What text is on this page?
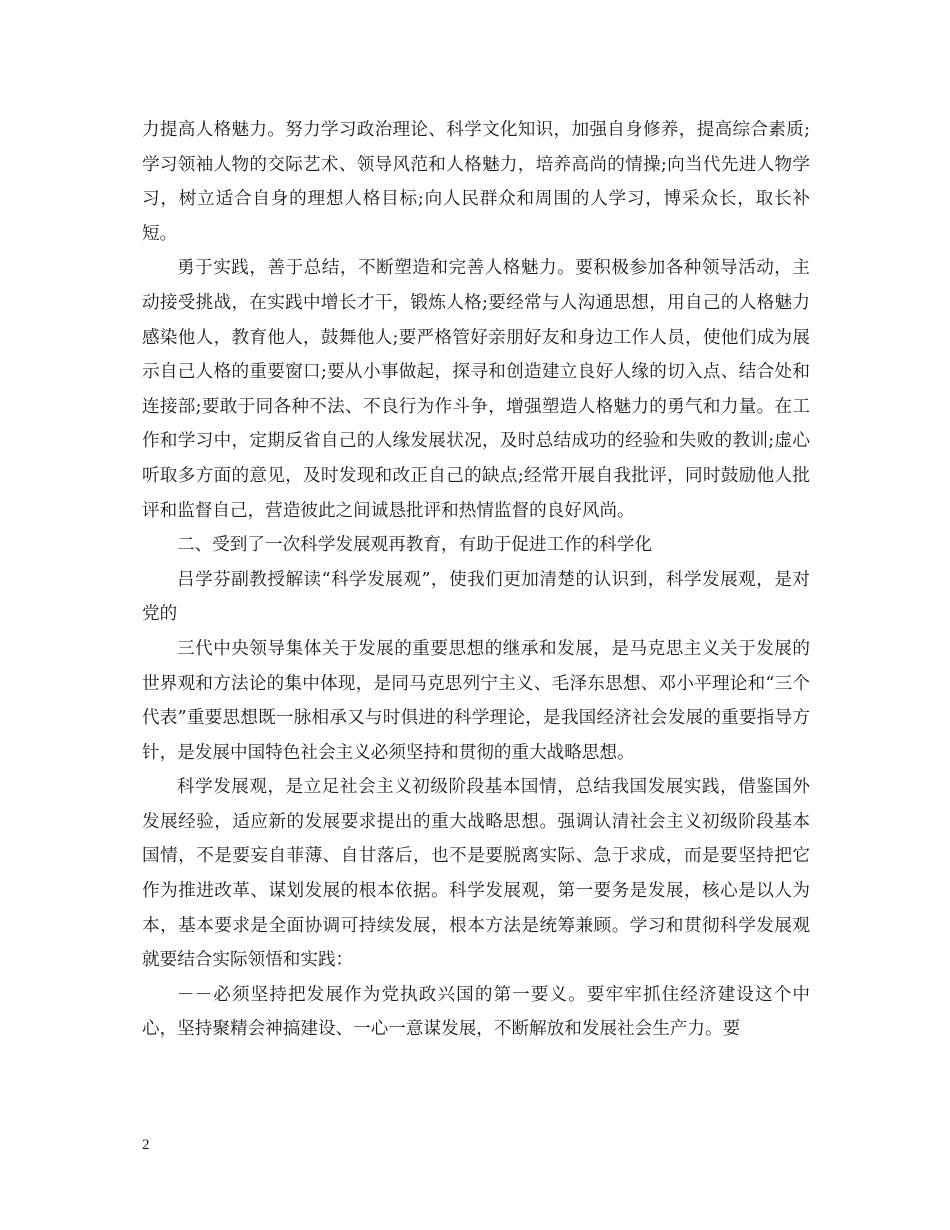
力提高人格魅力。努力学习政治理论、科学文化知识，加强自身修养，提高综合素质;学习领袖人物的交际艺术、领导风范和人格魅力，培养高尚的情操;向当代先进人物学习，树立适合自身的理想人格目标;向人民群众和周围的人学习，博采众长，取长补短。

勇于实践，善于总结，不断塑造和完善人格魅力。要积极参加各种领导活动，主动接受挑战，在实践中增长才干，锻炼人格;要经常与人沟通思想，用自己的人格魅力感染他人，教育他人，鼓舞他人;要严格管好亲朋好友和身边工作人员，使他们成为展示自己人格的重要窗口;要从小事做起，探寻和创造建立良好人缘的切入点、结合处和连接部;要敢于同各种不法、不良行为作斗争，增强塑造人格魅力的勇气和力量。在工作和学习中，定期反省自己的人缘发展状况，及时总结成功的经验和失败的教训;虚心听取多方面的意见，及时发现和改正自己的缺点;经常开展自我批评，同时鼓励他人批评和监督自己，营造彼此之间诚恳批评和热情监督的良好风尚。

二、受到了一次科学发展观再教育，有助于促进工作的科学化

吕学芬副教授解读“科学发展观”，使我们更加清楚的认识到，科学发展观，是对党的

三代中央领导集体关于发展的重要思想的继承和发展，是马克思主义关于发展的世界观和方法论的集中体现，是同马克思列宁主义、毛泽东思想、邓小平理论和“三个代表”重要思想既一脉相承又与时俱进的科学理论，是我国经济社会发展的重要指导方针，是发展中国特色社会主义必须坚持和贯彻的重大战略思想。

科学发展观，是立足社会主义初级阶段基本国情，总结我国发展实践，借鉴国外发展经验，适应新的发展要求提出的重大战略思想。强调认清社会主义初级阶段基本国情，不是要妄自菲薄、自甘落后，也不是要脱离实际、急于求成，而是要坚持把它作为推进改革、谋划发展的根本依据。科学发展观，第一要务是发展，核心是以人为本，基本要求是全面协调可持续发展，根本方法是统筹兼顾。学习和贯彻科学发展观就要结合实际领悟和实践：

－－必须坚持把发展作为党执政兴国的第一要义。要牢牢抓住经济建设这个中心，坚持聚精会神搞建设、一心一意谋发展，不断解放和发展社会生产力。要

2
